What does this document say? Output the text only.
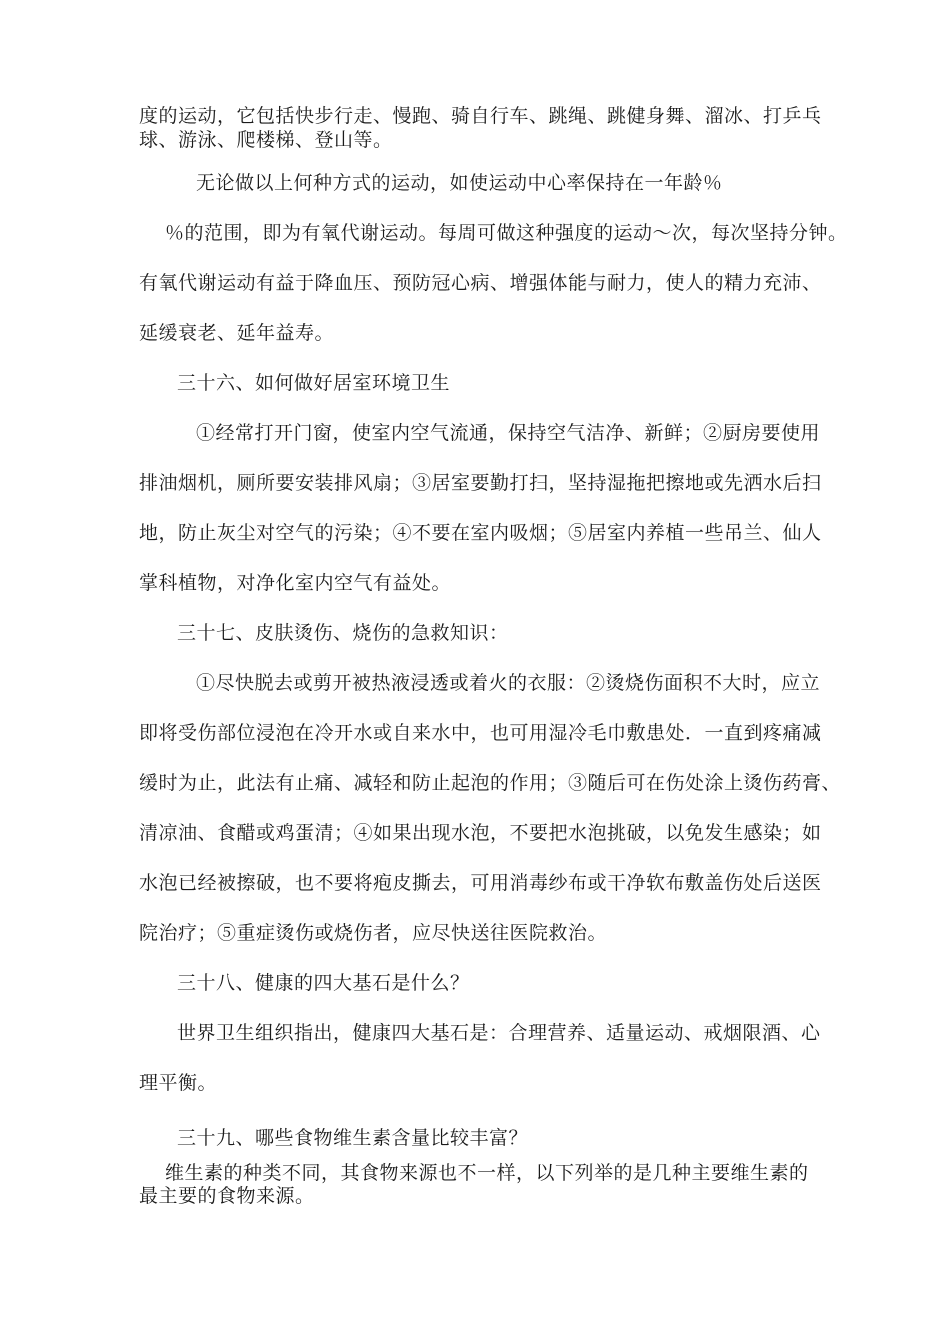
度的运动，它包括快步行走、慢跑、骑自行车、跳绳、跳健身舞、溜冰、打乒乓
球、游泳、爬楼梯、登山等。
无论做以上何种方式的运动，如使运动中心率保持在一年龄％
％的范围，即为有氧代谢运动。每周可做这种强度的运动〜次，每次坚持分钟。
有氧代谢运动有益于降血压、预防冠心病、增强体能与耐力，使人的精力充沛、
延缓衰老、延年益寿。
三十六、如何做好居室环境卫生
①经常打开门窗，使室内空气流通，保持空气洁净、新鲜；②厨房要使用
排油烟机，厕所要安装排风扇；③居室要勤打扫，坚持湿拖把擦地或先洒水后扫
地，防止灰尘对空气的污染；④不要在室内吸烟；⑤居室内养植一些吊兰、仙人
掌科植物，对净化室内空气有益处。
三十七、皮肤烫伤、烧伤的急救知识：
①尽快脱去或剪开被热液浸透或着火的衣服：②烫烧伤面积不大时，应立
即将受伤部位浸泡在冷开水或自来水中，也可用湿冷毛巾敷患处．一直到疼痛减
缓时为止，此法有止痛、减轻和防止起泡的作用；③随后可在伤处涂上烫伤药膏、
清凉油、食醋或鸡蛋清；④如果出现水泡，不要把水泡挑破，以免发生感染；如
水泡已经被擦破，也不要将疱皮撕去，可用消毒纱布或干净软布敷盖伤处后送医
院治疗；⑤重症烫伤或烧伤者，应尽快送往医院救治。
三十八、健康的四大基石是什么？
世界卫生组织指出，健康四大基石是：合理营养、适量运动、戒烟限酒、心
理平衡。
三十九、哪些食物维生素含量比较丰富？
维生素的种类不同，其食物来源也不一样，以下列举的是几种主要维生素的
最主要的食物来源。
